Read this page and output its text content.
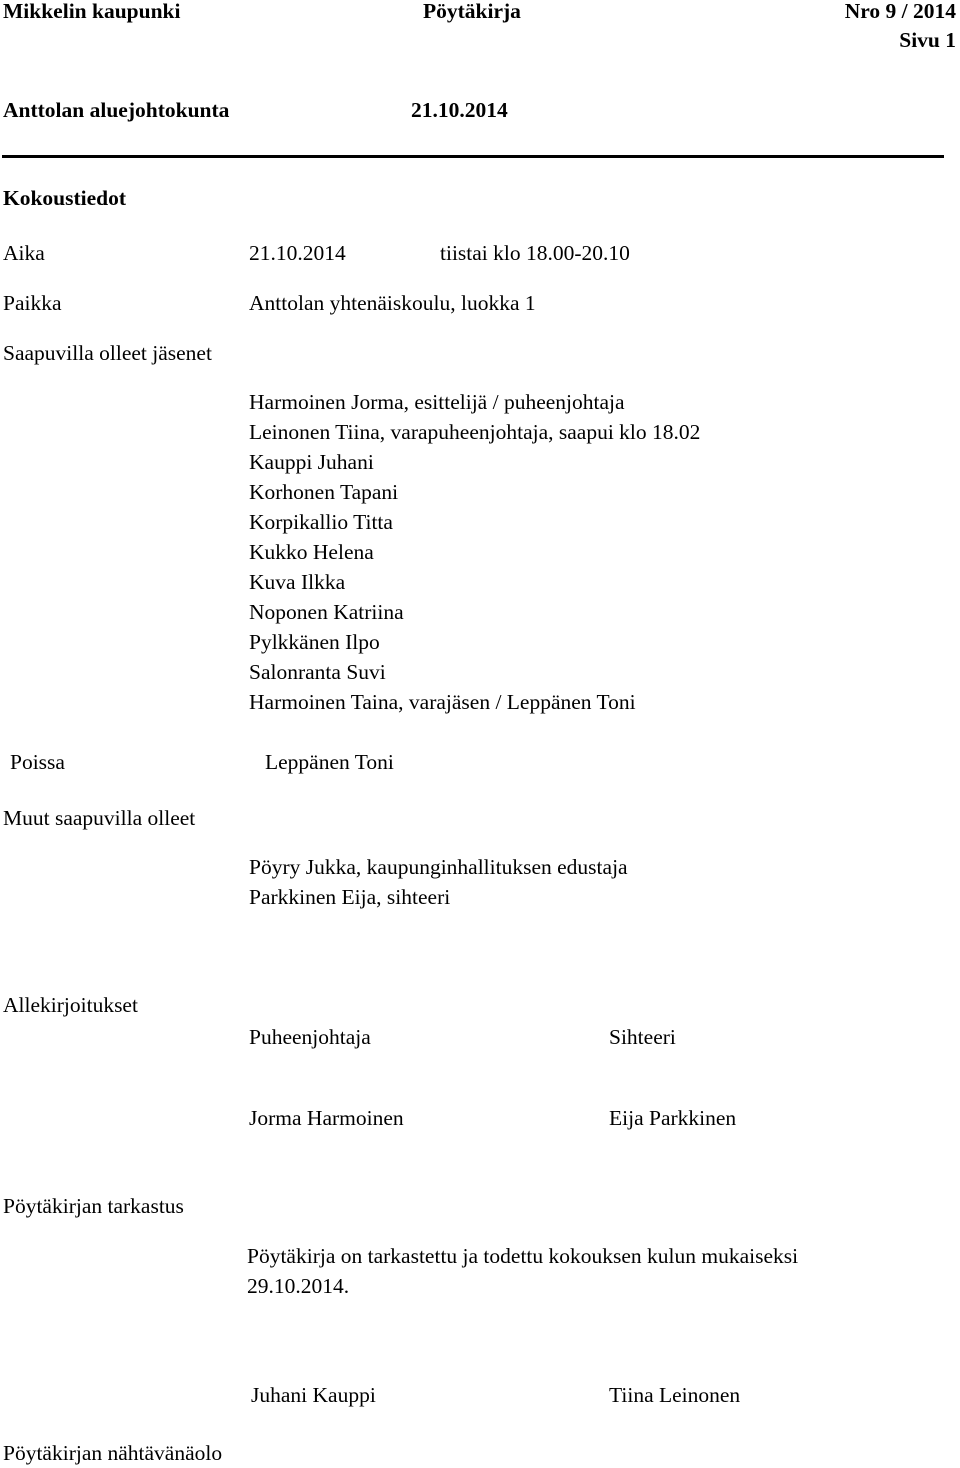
Mikkelin kaupunki	Pöytäkirja	Nro 9 / 2014
Sivu 1
Anttolan aluejohtokunta	21.10.2014
Kokoustiedot
Aika	21.10.2014	tiistai klo 18.00-20.10
Paikka	Anttolan yhtenäiskoulu, luokka 1
Saapuvilla olleet jäsenet
Harmoinen Jorma, esittelijä / puheenjohtaja
Leinonen Tiina, varapuheenjohtaja, saapui klo 18.02
Kauppi Juhani
Korhonen Tapani
Korpikallio Titta
Kukko Helena
Kuva Ilkka
Noponen Katriina
Pylkkänen Ilpo
Salonranta Suvi
Harmoinen Taina, varajäsen / Leppänen Toni
Poissa	Leppänen Toni
Muut saapuvilla olleet
Pöyry Jukka, kaupunginhallituksen edustaja
Parkkinen Eija, sihteeri
Allekirjoitukset
Puheenjohtaja	Sihteeri
Jorma Harmoinen	Eija Parkkinen
Pöytäkirjan tarkastus
Pöytäkirja on tarkastettu ja todettu kokouksen kulun mukaiseksi
29.10.2014.
Juhani Kauppi	Tiina Leinonen
Pöytäkirjan nähtävänäolo
